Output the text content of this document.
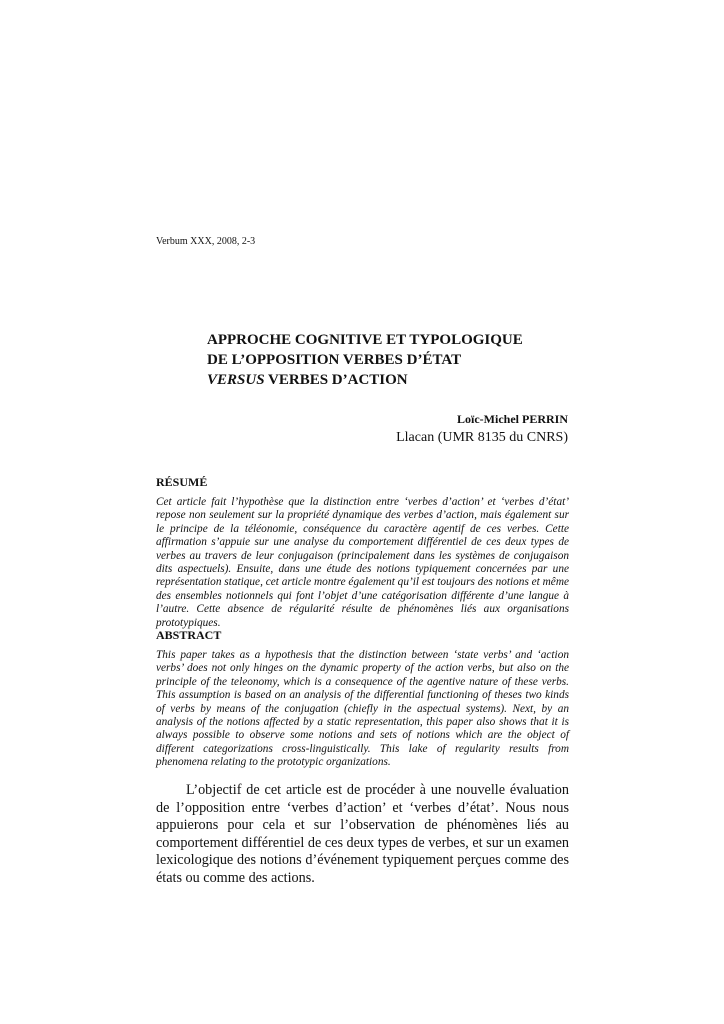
Verbum XXX, 2008, 2-3
APPROCHE COGNITIVE ET TYPOLOGIQUE
DE L’OPPOSITION VERBES D’ÉTAT
VERSUS VERBES D’ACTION
Loïc-Michel PERRIN
Llacan (UMR 8135 du CNRS)
RÉSUMÉ
Cet article fait l’hypothèse que la distinction entre ‘verbes d’action’ et ‘verbes d’état’ repose non seulement sur la propriété dynamique des verbes d’action, mais également sur le principe de la téléonomie, conséquence du caractère agentif de ces verbes. Cette affirmation s’appuie sur une analyse du comportement différentiel de ces deux types de verbes au travers de leur conjugaison (principalement dans les systèmes de conjugaison dits aspectuels). Ensuite, dans une étude des notions typiquement concernées par une représentation statique, cet article montre également qu’il est toujours des notions et même des ensembles notionnels qui font l’objet d’une catégorisation différente d’une langue à l’autre. Cette absence de régularité résulte de phénomènes liés aux organisations prototypiques.
ABSTRACT
This paper takes as a hypothesis that the distinction between ‘state verbs’ and ‘action verbs’ does not only hinges on the dynamic property of the action verbs, but also on the principle of the teleonomy, which is a consequence of the agentive nature of these verbs. This assumption is based on an analysis of the differential functioning of theses two kinds of verbs by means of the conjugation (chiefly in the aspectual systems). Next, by an analysis of the notions affected by a static representation, this paper also shows that it is always possible to observe some notions and sets of notions which are the object of different categorizations cross-linguistically. This lake of regularity results from phenomena relating to the prototypic organizations.
L’objectif de cet article est de procéder à une nouvelle évaluation de l’opposition entre ‘verbes d’action’ et ‘verbes d’état’. Nous nous appuierons pour cela et sur l’observation de phénomènes liés au comportement différentiel de ces deux types de verbes, et sur un examen lexicologique des notions d’événement typiquement perçues comme des états ou comme des actions.
